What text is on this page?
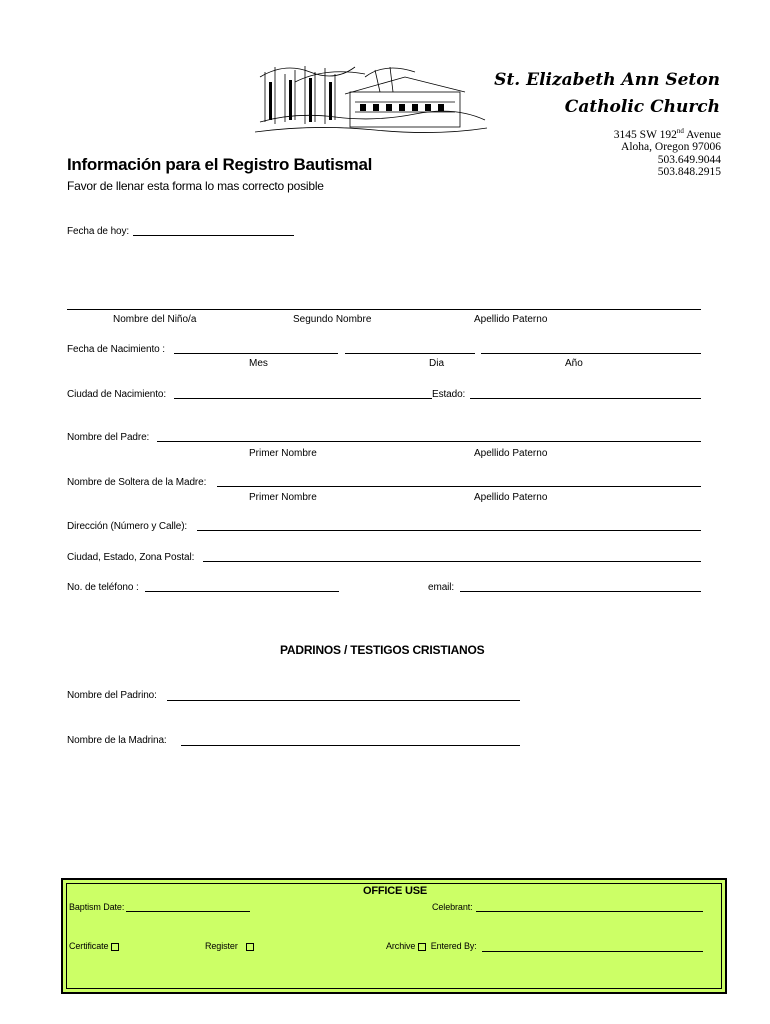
St. Elizabeth Ann Seton
Catholic Church
3145 SW 192nd Avenue
Aloha, Oregon 97006
503.649.9044
503.848.2915
Información para el Registro Bautismal
Favor de llenar esta forma lo mas correcto posible
Fecha de hoy:
Nombre del Niño/a	Segundo Nombre	Apellido Paterno
Fecha de Nacimiento :
Mes	Dia	Año
Ciudad de Nacimiento:	Estado:
Nombre del Padre:
Primer Nombre	Apellido Paterno
Nombre de Soltera de la Madre:
Primer Nombre	Apellido Paterno
Dirección (Número y Calle):
Ciudad, Estado, Zona Postal:
No. de teléfono :	email:
PADRINOS / TESTIGOS CRISTIANOS
Nombre del Padrino:
Nombre de la Madrina:
OFFICE USE
Baptism Date:	Celebrant:
Certificate	Register	Archive Entered By:
